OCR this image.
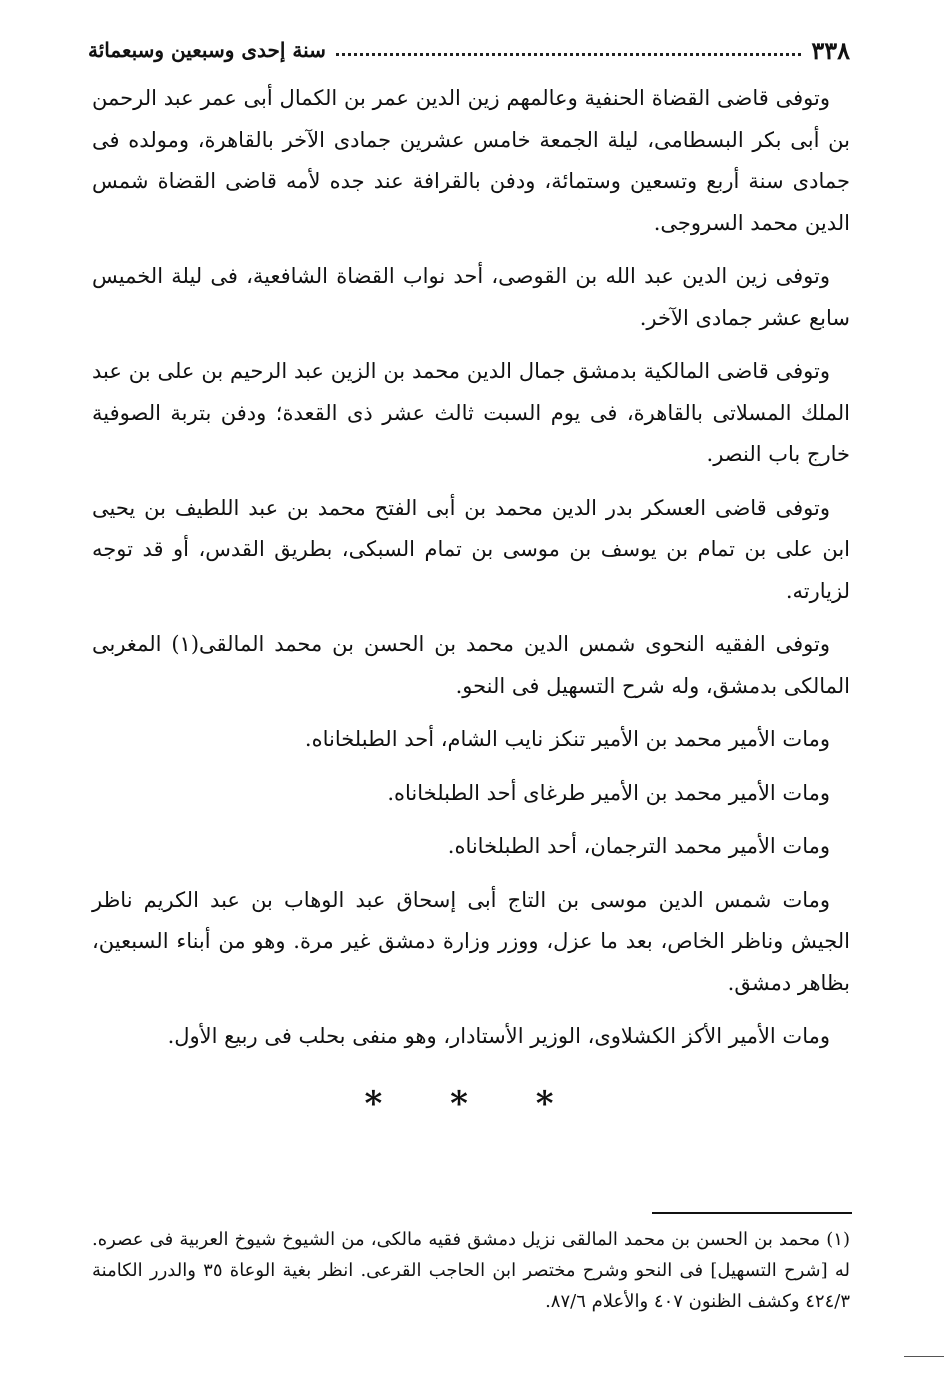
٣٣٨
سنة إحدى وسبعين وسبعمائة

وتوفى قاضى القضاة الحنفية وعالمهم زين الدين عمر بن الكمال أبى عمر عبد الرحمن بن أبى بكر البسطامى، ليلة الجمعة خامس عشرين جمادى الآخر بالقاهرة، ومولده فى جمادى سنة أربع وتسعين وستمائة، ودفن بالقرافة عند جده لأمه قاضى القضاة شمس الدين محمد السروجى.

وتوفى زين الدين عبد الله بن القوصى، أحد نواب القضاة الشافعية، فى ليلة الخميس سابع عشر جمادى الآخر.

وتوفى قاضى المالكية بدمشق جمال الدين محمد بن الزين عبد الرحيم بن على بن عبد الملك المسلاتى بالقاهرة، فى يوم السبت ثالث عشر ذى القعدة؛ ودفن بتربة الصوفية خارج باب النصر.

وتوفى قاضى العسكر بدر الدين محمد بن أبى الفتح محمد بن عبد اللطيف بن يحيى ابن على بن تمام بن يوسف بن موسى بن تمام السبكى، بطريق القدس، أو قد توجه لزيارته.

وتوفى الفقيه النحوى شمس الدين محمد بن الحسن بن محمد المالقى(١) المغربى المالكى بدمشق، وله شرح التسهيل فى النحو.

ومات الأمير محمد بن الأمير تنكز نايب الشام، أحد الطبلخاناه.

ومات الأمير محمد بن الأمير طرغاى أحد الطبلخاناه.

ومات الأمير محمد الترجمان، أحد الطبلخاناه.

ومات شمس الدين موسى بن التاج أبى إسحاق عبد الوهاب بن عبد الكريم ناظر الجيش وناظر الخاص، بعد ما عزل، ووزر وزارة دمشق غير مرة. وهو من أبناء السبعين، بظاهر دمشق.

ومات الأمير الأكز الكشلاوى، الوزير الأستادار، وهو منفى بحلب فى ربيع الأول.

* * *

(١) محمد بن الحسن بن محمد المالقى نزيل دمشق فقيه مالكى، من الشيوخ شيوخ العربية فى عصره. له [شرح التسهيل] فى النحو وشرح مختصر ابن الحاجب القرعى. انظر بغية الوعاة ٣٥ والدرر الكامنة ٤٢٤/٣ وكشف الظنون ٤٠٧ والأعلام ٨٧/٦.
